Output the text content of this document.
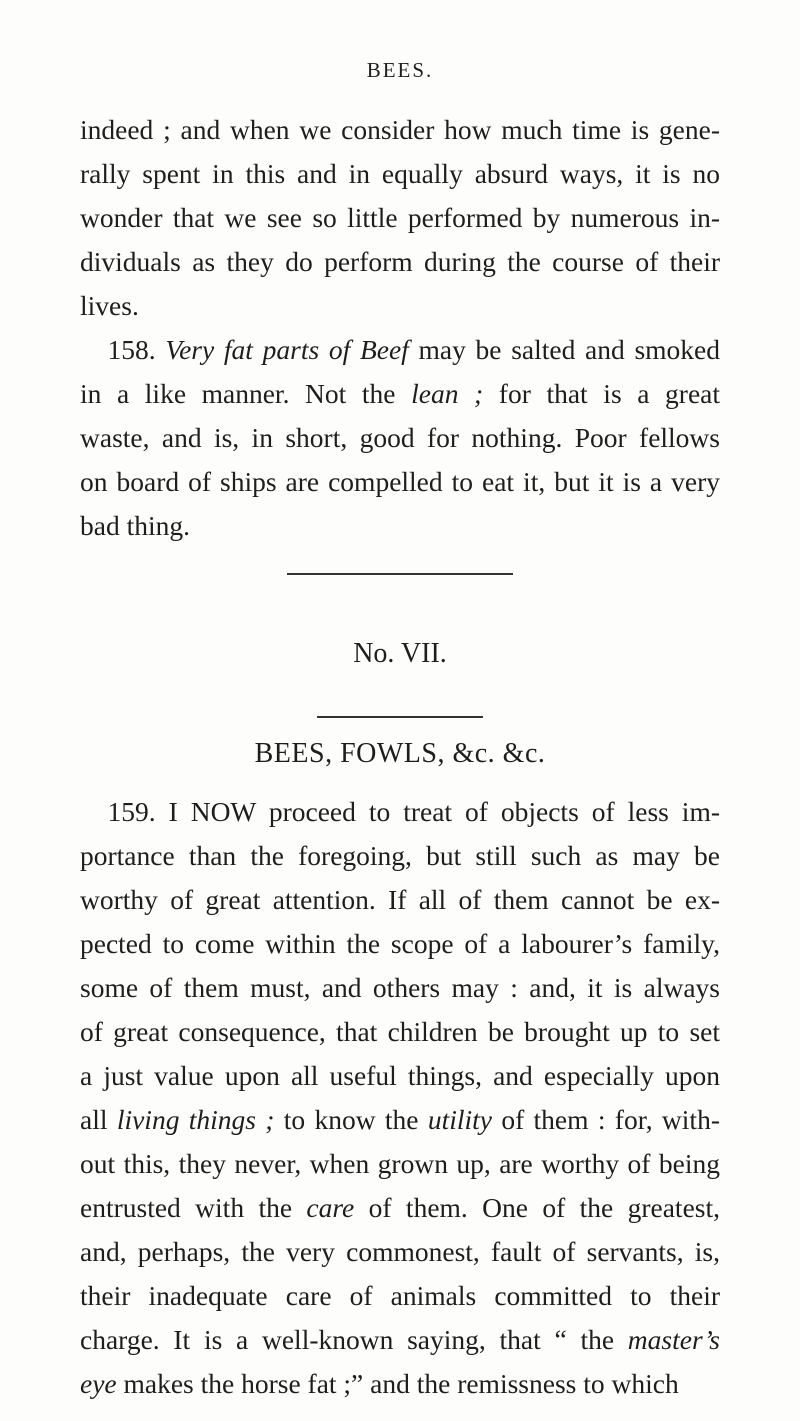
BEES.
indeed ; and when we consider how much time is gene-
rally spent in this and in equally absurd ways, it is no
wonder that we see so little performed by numerous in-
dividuals as they do perform during the course of their
lives.
 158. Very fat parts of Beef may be salted and smoked
in a like manner. Not the lean ; for that is a great
waste, and is, in short, good for nothing. Poor fellows
on board of ships are compelled to eat it, but it is a very
bad thing.
No. VII.
BEES, FOWLS, &c. &c.
 159. I NOW proceed to treat of objects of less im-
portance than the foregoing, but still such as may be
worthy of great attention. If all of them cannot be ex-
pected to come within the scope of a labourer’s family,
some of them must, and others may : and, it is always
of great consequence, that children be brought up to set
a just value upon all useful things, and especially upon
all living things ; to know the utility of them : for, with-
out this, they never, when grown up, are worthy of being
entrusted with the care of them. One of the greatest,
and, perhaps, the very commonest, fault of servants, is,
their inadequate care of animals committed to their
charge. It is a well-known saying, that “ the master’s
eye makes the horse fat ;” and the remissness to which
